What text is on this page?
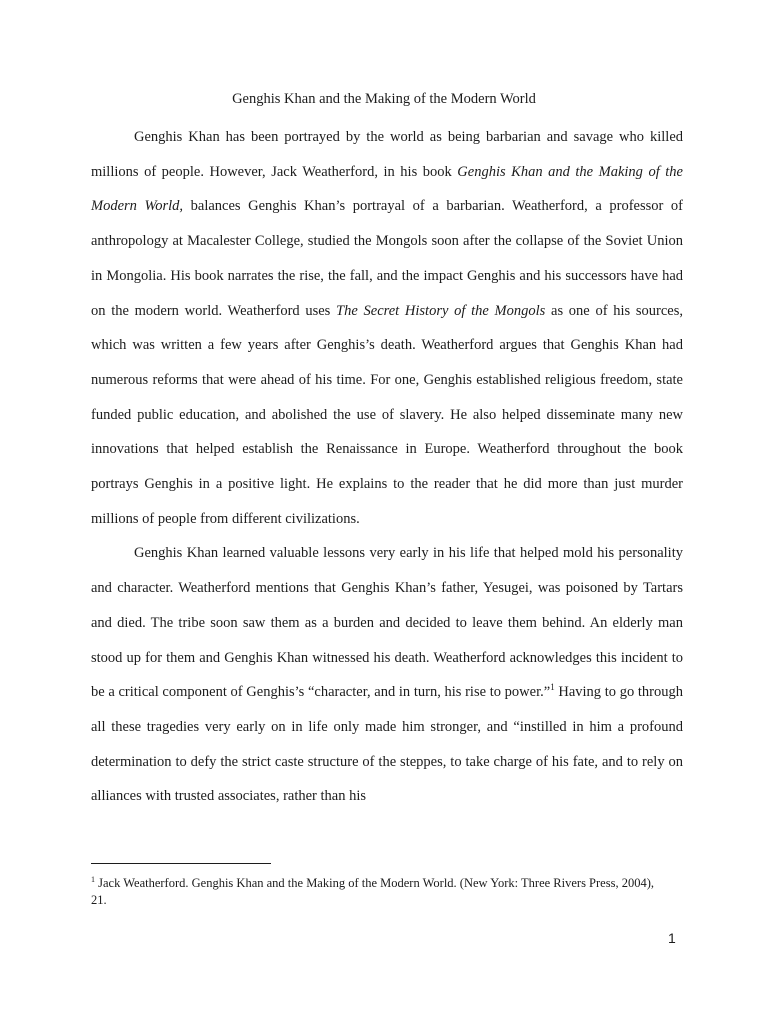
Genghis Khan and the Making of the Modern World

Genghis Khan has been portrayed by the world as being barbarian and savage who killed millions of people. However, Jack Weatherford, in his book Genghis Khan and the Making of the Modern World, balances Genghis Khan’s portrayal of a barbarian. Weatherford, a professor of anthropology at Macalester College, studied the Mongols soon after the collapse of the Soviet Union in Mongolia. His book narrates the rise, the fall, and the impact Genghis and his successors have had on the modern world. Weatherford uses The Secret History of the Mongols as one of his sources, which was written a few years after Genghis’s death. Weatherford argues that Genghis Khan had numerous reforms that were ahead of his time. For one, Genghis established religious freedom, state funded public education, and abolished the use of slavery. He also helped disseminate many new innovations that helped establish the Renaissance in Europe. Weatherford throughout the book portrays Genghis in a positive light. He explains to the reader that he did more than just murder millions of people from different civilizations.

Genghis Khan learned valuable lessons very early in his life that helped mold his personality and character. Weatherford mentions that Genghis Khan’s father, Yesugei, was poisoned by Tartars and died. The tribe soon saw them as a burden and decided to leave them behind. An elderly man stood up for them and Genghis Khan witnessed his death. Weatherford acknowledges this incident to be a critical component of Genghis’s “character, and in turn, his rise to power.”$^1$ Having to go through all these tragedies very early on in life only made him stronger, and “instilled in him a profound determination to defy the strict caste structure of the steppes, to take charge of his fate, and to rely on alliances with trusted associates, rather than his

$^1$ Jack Weatherford. Genghis Khan and the Making of the Modern World. (New York: Three Rivers Press, 2004), 21.
1
